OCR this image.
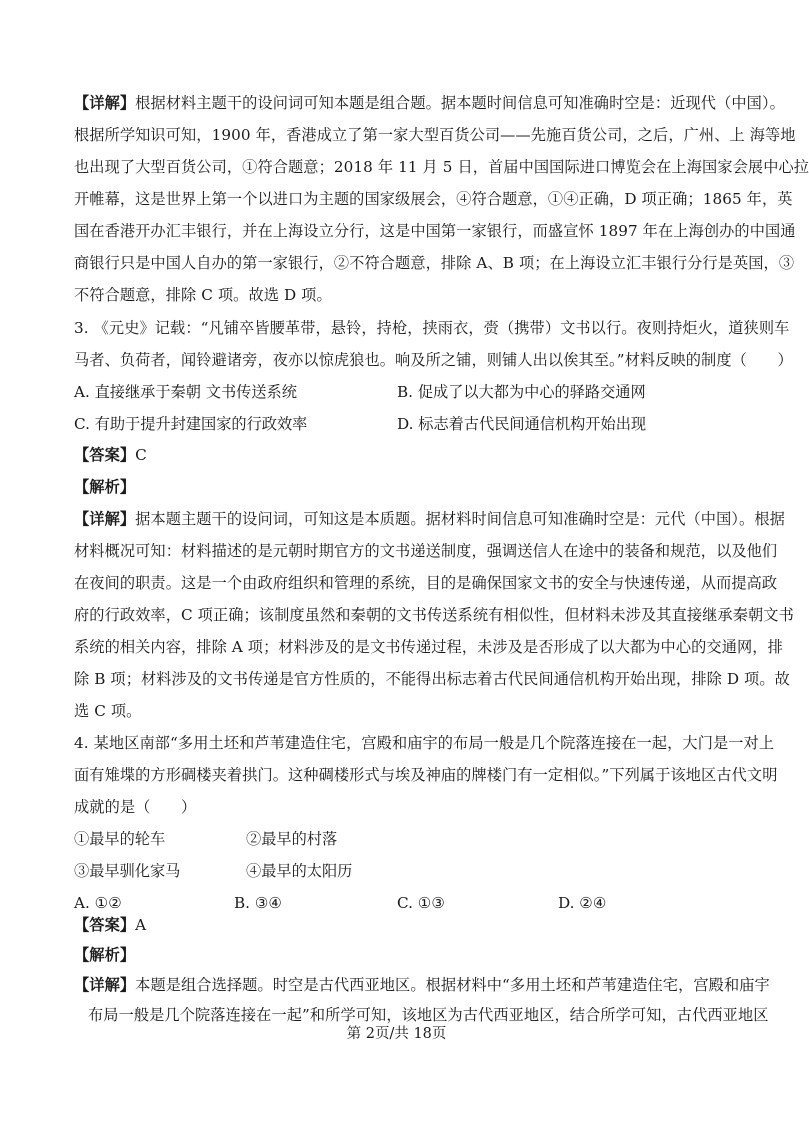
【详解】根据材料主题干的设问词可知本题是组合题。据本题时间信息可知准确时空是：近现代（中国）。
根据所学知识可知，1900 年，香港成立了第一家大型百货公司——先施百货公司，之后，广州、上 海等地
也出现了大型百货公司，①符合题意；2018 年 11 月 5 日，首届中国国际进口博览会在上海国家会展中心拉
开帷幕，这是世界上第一个以进口为主题的国家级展会，④符合题意，①④正确，D 项正确；1865 年，英
国在香港开办汇丰银行，并在上海设立分行，这是中国第一家银行，而盛宣怀 1897 年在上海创办的中国通
商银行只是中国人自办的第一家银行，②不符合题意，排除 A、B 项；在上海设立汇丰银行分行是英国，③
不符合题意，排除 C 项。故选 D 项。
3. 《元史》记载：“凡铺卒皆腰革带，悬铃，持枪，挟雨衣，赍（携带）文书以行。夜则持炬火，道狭则车
马者、负荷者，闻铃避诸旁，夜亦以惊虎狼也。响及所之铺，则铺人出以俟其至。”材料反映的制度（　　）
A. 直接继承于秦朝 文书传送系统	B. 促成了以大都为中心的驿路交通网
C. 有助于提升封建国家的行政效率	D. 标志着古代民间通信机构开始出现
【答案】C
【解析】
【详解】据本题主题干的设问词，可知这是本质题。据材料时间信息可知准确时空是：元代（中国）。根据
材料概况可知：材料描述的是元朝时期官方的文书递送制度，强调送信人在途中的装备和规范，以及他们
在夜间的职责。这是一个由政府组织和管理的系统，目的是确保国家文书的安全与快速传递，从而提高政
府的行政效率，C 项正确；该制度虽然和秦朝的文书传送系统有相似性，但材料未涉及其直接继承秦朝文书
系统的相关内容，排除 A 项；材料涉及的是文书传递过程，未涉及是否形成了以大都为中心的交通网，排
除 B 项；材料涉及的文书传递是官方性质的，不能得出标志着古代民间通信机构开始出现，排除 D 项。故
选 C 项。
4. 某地区南部“多用土坯和芦苇建造住宅，宫殿和庙宇的布局一般是几个院落连接在一起，大门是一对上
面有雉堞的方形碉楼夹着拱门。这种碉楼形式与埃及神庙的牌楼门有一定相似。”下列属于该地区古代文明
成就的是（　　）
①最早的轮车	②最早的村落
③最早驯化家马	④最早的太阳历
A. ①②	B. ③④	C. ①③	D. ②④
【答案】A
【解析】
【详解】本题是组合选择题。时空是古代西亚地区。根据材料中“多用土坯和芦苇建造住宅，宫殿和庙宇
布局一般是几个院落连接在一起”和所学可知，该地区为古代西亚地区，结合所学可知，古代西亚地区
第 2页/共 18页
